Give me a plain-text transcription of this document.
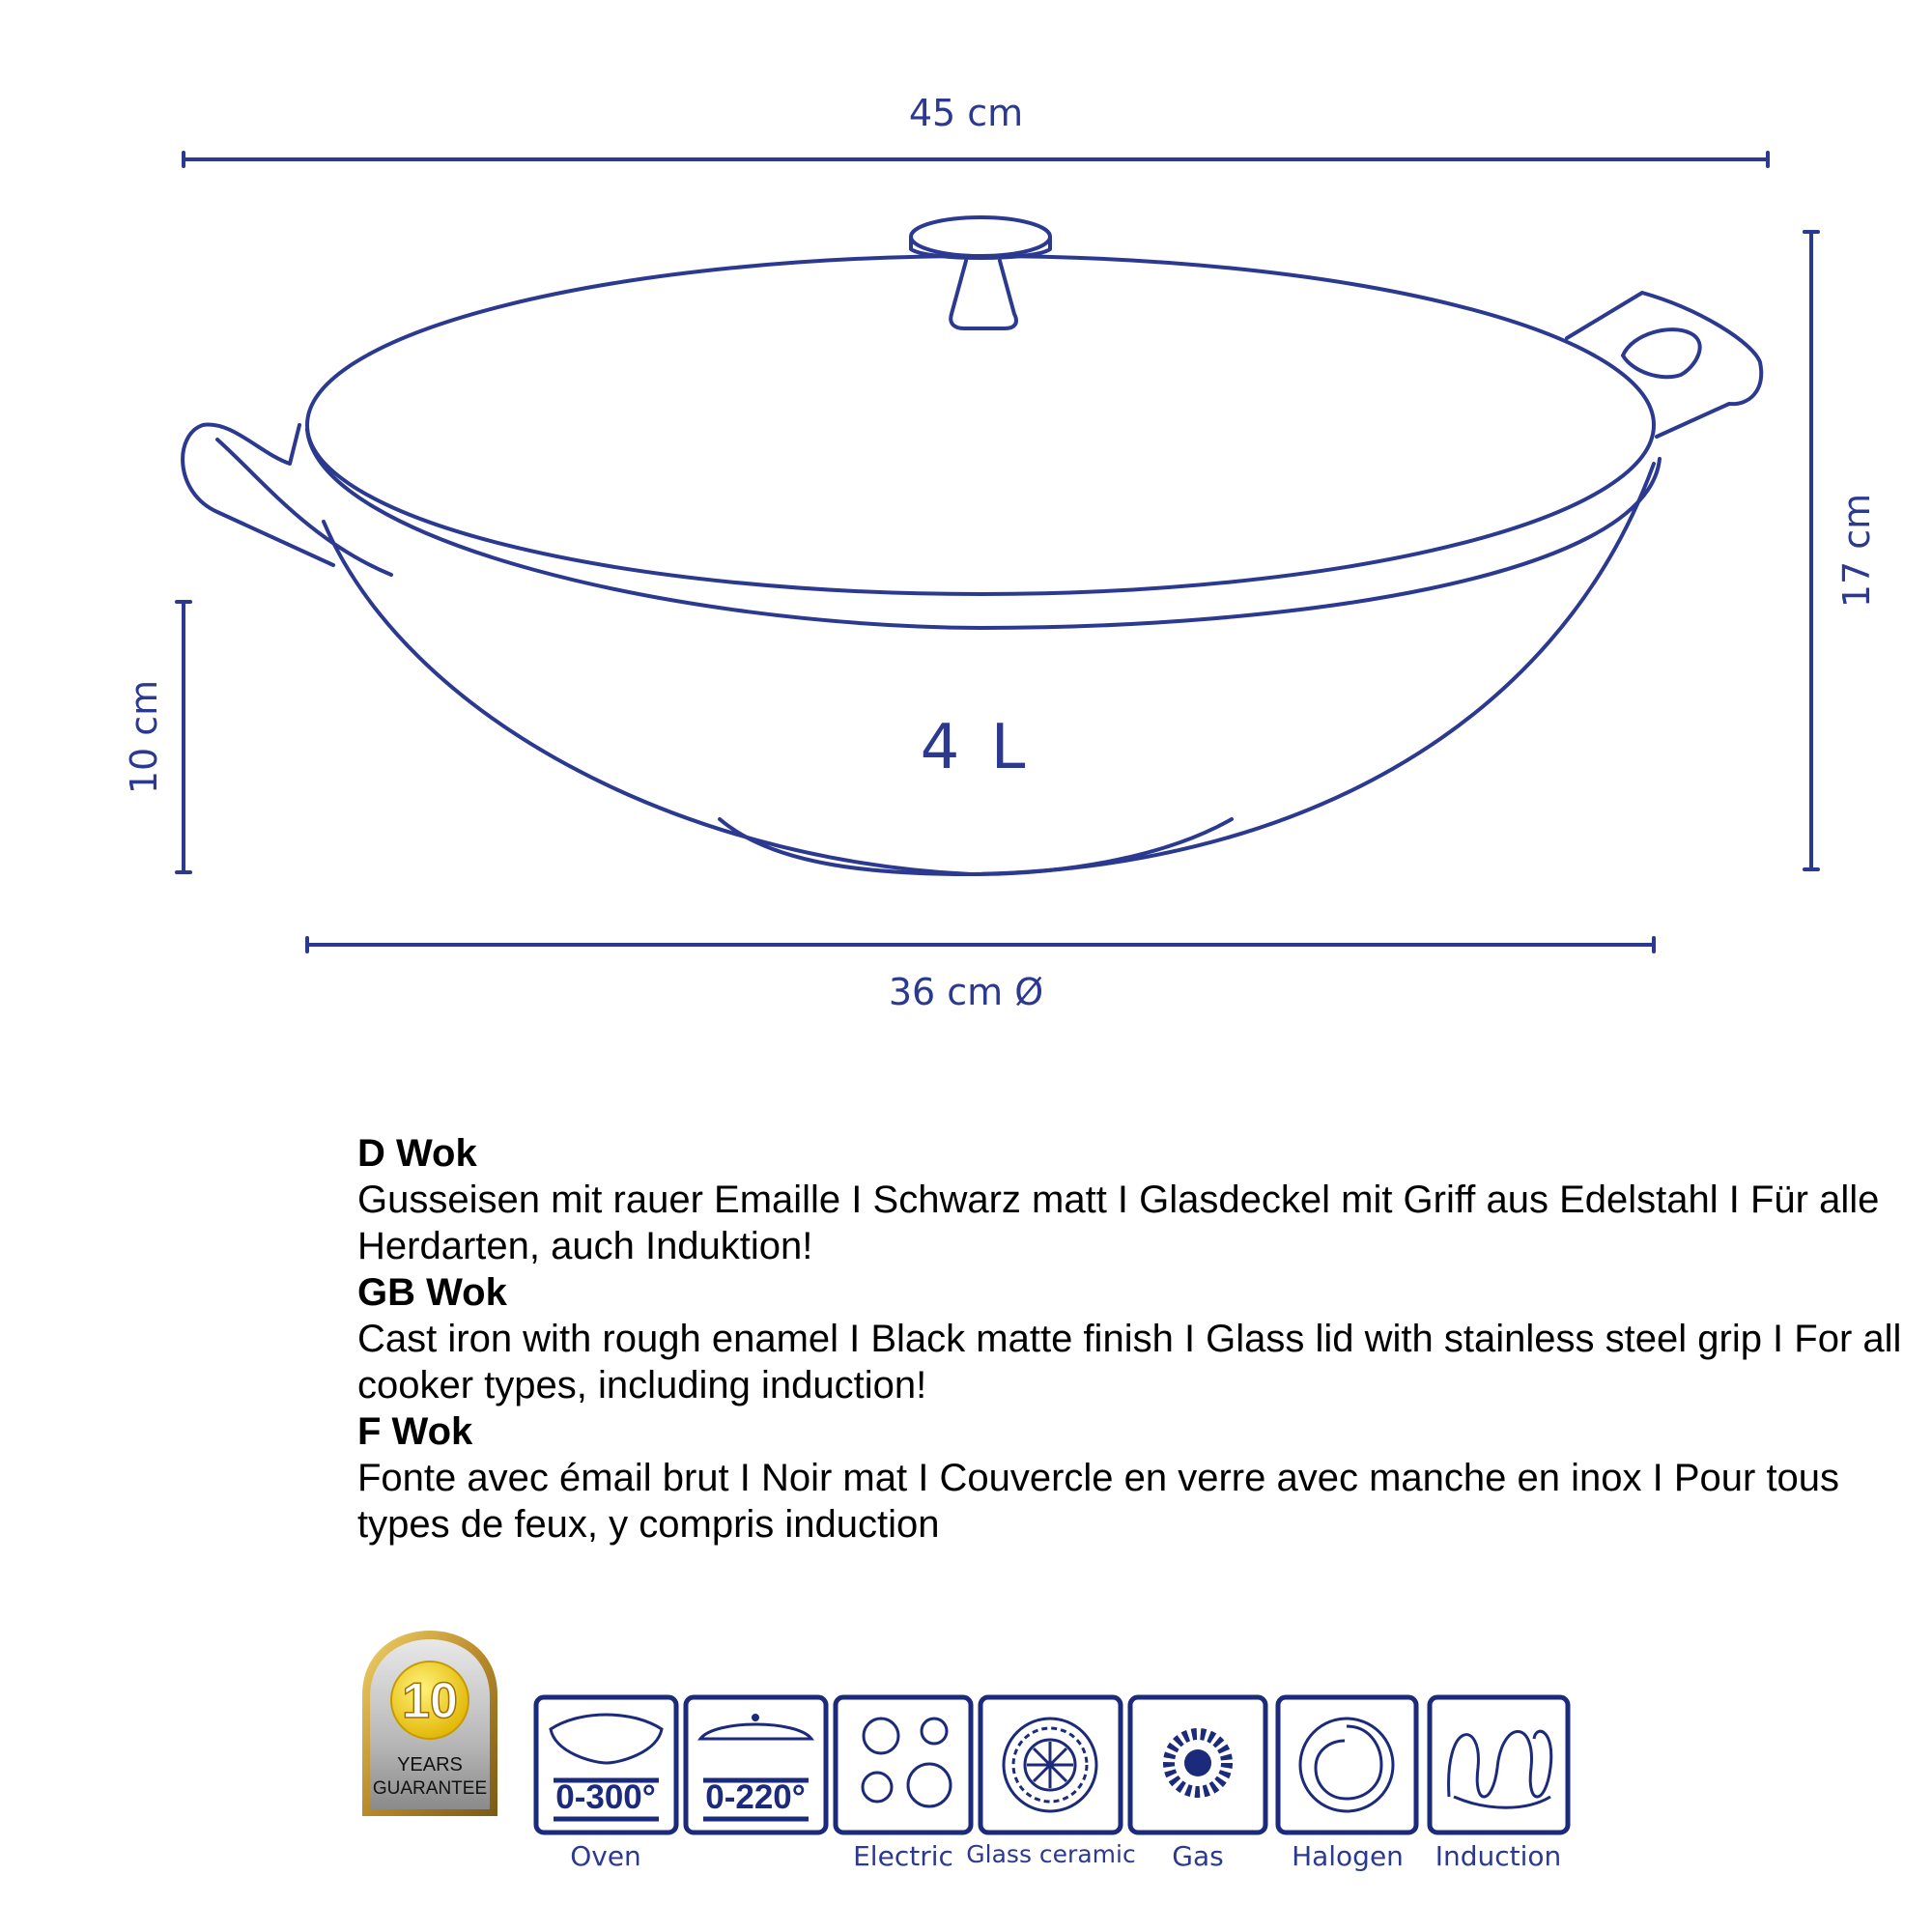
45 cm
36 cm Ø
17 cm
10 cm	4 L
0-300° 0-220°
D Wok
Gusseisen mit rauer Emaille I Schwarz matt I Glasdeckel mit Griff aus Edelstahl I Für alle Herdarten, auch Induktion!
GB Wok
Cast iron with rough enamel I Black matte finish I Glass lid with stainless steel grip I For all cooker types, including induction!
F Wok
Fonte avec émail brut I Noir mat I Couvercle en verre avec manche en inox I Pour tous types de feux, y compris induction
10
YEARS
GUARANTEE
Oven	Electric Glass ceramic Gas	Halogen Induction
